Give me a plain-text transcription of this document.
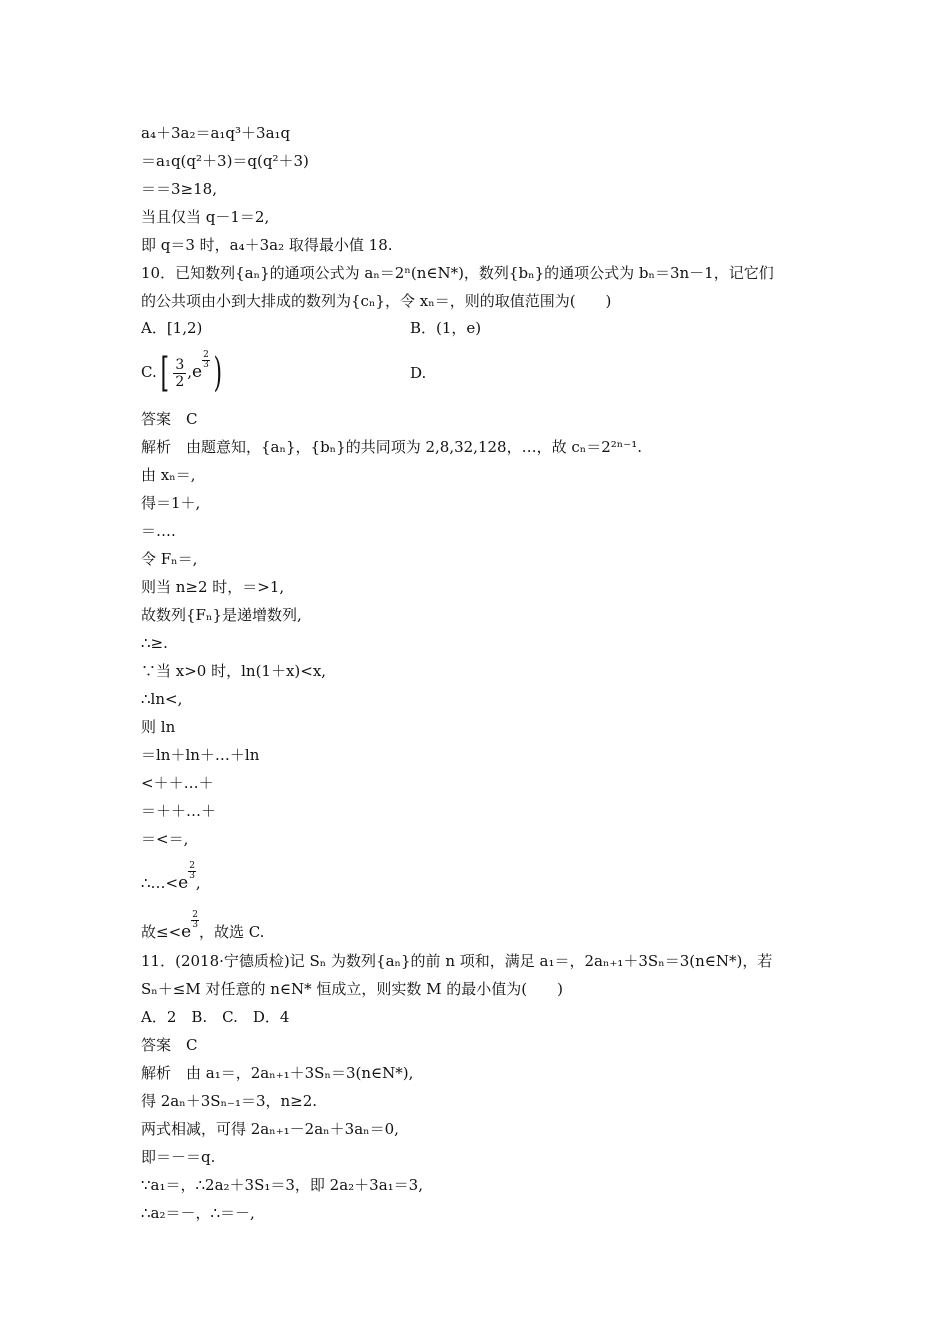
a₄＋3a₂＝a₁q³＋3a₁q
＝a₁q(q²＋3)＝q(q²＋3)
＝＝3≥18,
当且仅当 q－1＝2,
即 q＝3 时，a₄＋3a₂ 取得最小值 18.
10．已知数列{aₙ}的通项公式为 aₙ＝2ⁿ(n∈N*)，数列{bₙ}的通项公式为 bₙ＝3n－1，记它们
的公共项由小到大排成的数列为{cₙ}，令 xₙ＝，则的取值范围为(　　)
A．[1,2)	B．(1，e)
$C.[ \frac{3}{2} ,e$
$\frac{2}{3}$ )	D.
答案　C
解析　由题意知，{aₙ}，{bₙ}的共同项为 2,8,32,128，…，故 cₙ＝2²ⁿ⁻¹.
由 xₙ＝,
得＝1＋,
＝….
令 Fₙ＝,
则当 n≥2 时，＝>1,
故数列{Fₙ}是递增数列,
∴≥.
∵当 x>0 时，ln(1＋x)<x,
∴ln<,
则 ln
＝ln＋ln＋…＋ln
<＋＋…＋
＝＋＋…＋
＝<＝,
∴…<e
$\frac{2}{3}$
,
故≤<e
$\frac{2}{3}$
，故选 C.
11．(2018·宁德质检)记 Sₙ 为数列{aₙ}的前 n 项和，满足 a₁＝，2aₙ₊₁＋3Sₙ＝3(n∈N*)，若
Sₙ＋≤M 对任意的 n∈N* 恒成立，则实数 M 的最小值为(　　)
A．2　B.　C.　D．4
答案　C
解析　由 a₁＝，2aₙ₊₁＋3Sₙ＝3(n∈N*),
得 2aₙ＋3Sₙ₋₁＝3，n≥2.
两式相减，可得 2aₙ₊₁－2aₙ＋3aₙ＝0,
即＝－＝q.
∵a₁＝，∴2a₂＋3S₁＝3，即 2a₂＋3a₁＝3,
∴a₂＝－，∴＝－,
